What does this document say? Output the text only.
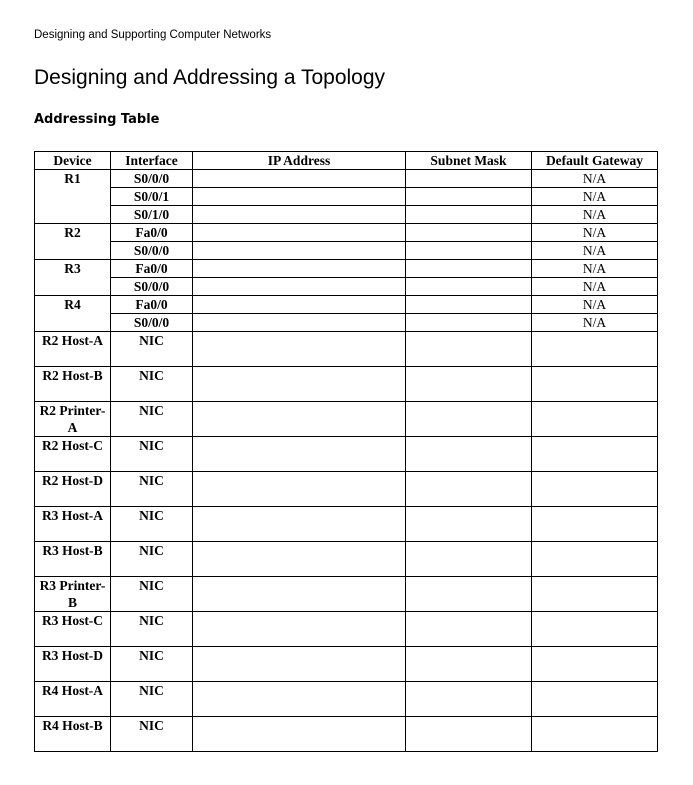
Designing and Supporting Computer Networks
Designing and Addressing a Topology
Addressing Table
Device	Interface	IP Address	Subnet Mask	Default Gateway
R1	S0/0/0			N/A
	S0/0/1			N/A
	S0/1/0			N/A
R2	Fa0/0			N/A
	S0/0/0			N/A
R3	Fa0/0			N/A
	S0/0/0			N/A
R4	Fa0/0			N/A
	S0/0/0			N/A
R2 Host-A	NIC			
R2 Host-B	NIC			
R2 Printer-A	NIC			
R2 Host-C	NIC			
R2 Host-D	NIC			
R3 Host-A	NIC			
R3 Host-B	NIC			
R3 Printer-B	NIC			
R3 Host-C	NIC			
R3 Host-D	NIC			
R4 Host-A	NIC			
R4 Host-B	NIC			
